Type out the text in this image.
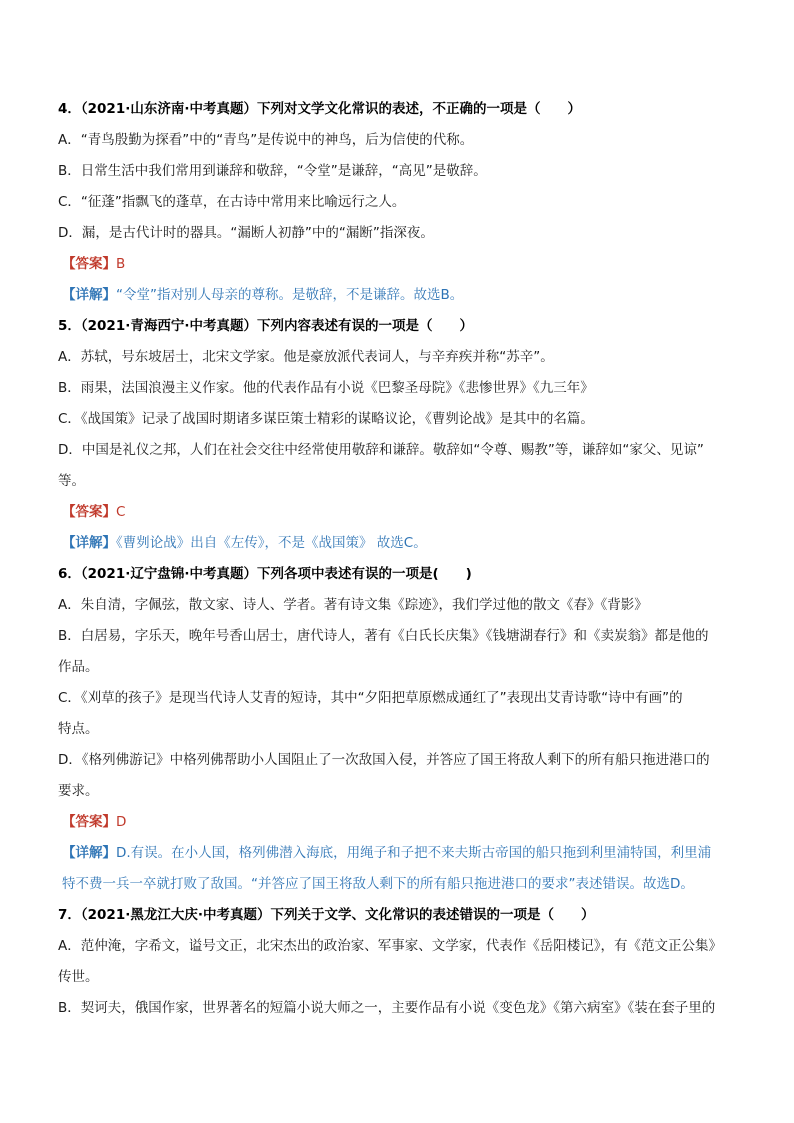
4．（2021·山东济南·中考真题）下列对文学文化常识的表述，不正确的一项是（　　）
A．“青鸟殷勤为探看”中的“青鸟”是传说中的神鸟，后为信使的代称。
B．日常生活中我们常用到谦辞和敬辞，“令堂”是谦辞，“高见”是敬辞。
C．“征蓬”指飘飞的蓬草，在古诗中常用来比喻远行之人。
D．漏，是古代计时的器具。“漏断人初静”中的“漏断”指深夜。
【答案】B
【详解】“令堂”指对别人母亲的尊称。是敬辞，不是谦辞。故选B。
5．（2021·青海西宁·中考真题）下列内容表述有误的一项是（　　）
A．苏轼，号东坡居士，北宋文学家。他是豪放派代表词人，与辛弃疾并称“苏辛”。
B．雨果，法国浪漫主义作家。他的代表作品有小说《巴黎圣母院》《悲惨世界》《九三年》
C．《战国策》记录了战国时期诸多谋臣策士精彩的谋略议论，《曹刿论战》是其中的名篇。
D．中国是礼仪之邦，人们在社会交往中经常使用敬辞和谦辞。敬辞如“令尊、赐教”等，谦辞如“家父、见谅”
等。
【答案】C
【详解】《曹刿论战》出自《左传》，不是《战国策》 故选C。
6．（2021·辽宁盘锦·中考真题）下列各项中表述有误的一项是(　　)
A．朱自清，字佩弦，散文家、诗人、学者。著有诗文集《踪迹》，我们学过他的散文《春》《背影》
B．白居易，字乐天，晚年号香山居士，唐代诗人，著有《白氏长庆集》《钱塘湖春行》和《卖炭翁》都是他的
作品。
C．《刈草的孩子》是现当代诗人艾青的短诗，其中“夕阳把草原燃成通红了”表现出艾青诗歌“诗中有画”的
特点。
D．《格列佛游记》中格列佛帮助小人国阻止了一次敌国入侵，并答应了国王将敌人剩下的所有船只拖进港口的
要求。
【答案】D
【详解】D.有误。在小人国，格列佛潜入海底，用绳子和子把不来夫斯古帝国的船只拖到利里浦特国，利里浦
特不费一兵一卒就打败了敌国。“并答应了国王将敌人剩下的所有船只拖进港口的要求”表述错误。故选D。
7．（2021·黑龙江大庆·中考真题）下列关于文学、文化常识的表述错误的一项是（　　）
A．范仲淹，字希文，谥号文正，北宋杰出的政治家、军事家、文学家，代表作《岳阳楼记》，有《范文正公集》
传世。
B．契诃夫，俄国作家，世界著名的短篇小说大师之一，主要作品有小说《变色龙》《第六病室》《装在套子里的
